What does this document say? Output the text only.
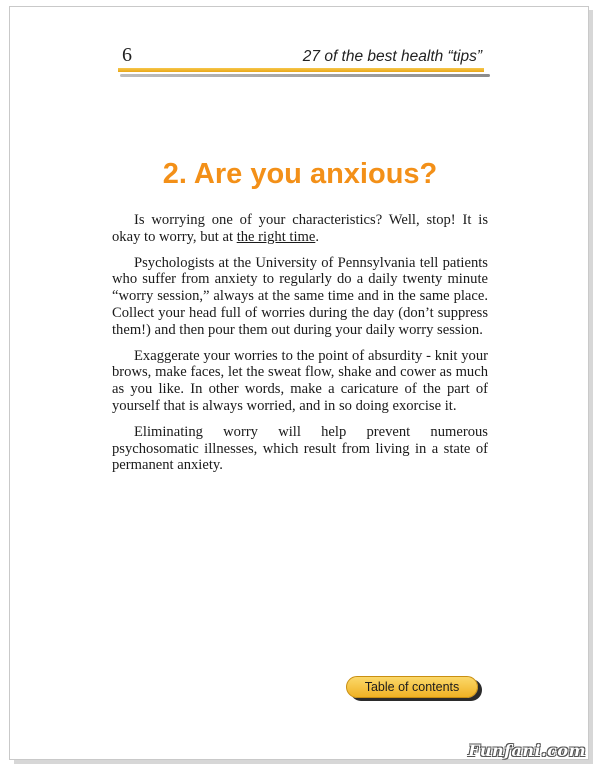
6	27 of the best health “tips”
2. Are you anxious?

Is worrying one of your characteristics? Well, stop! It is okay to worry, but at the right time.

Psychologists at the University of Pennsylvania tell patients who suffer from anxiety to regularly do a daily twenty minute “worry session,” always at the same time and in the same place. Collect your head full of worries during the day (don’t suppress them!) and then pour them out during your daily worry session.

Exaggerate your worries to the point of absurdity - knit your brows, make faces, let the sweat flow, shake and cower as much as you like. In other words, make a caricature of the part of yourself that is always worried, and in so doing exorcise it.

Eliminating worry will help prevent numerous psychosomatic illnesses, which result from living in a state of permanent anxiety.

Table of contents
Funfani.com
